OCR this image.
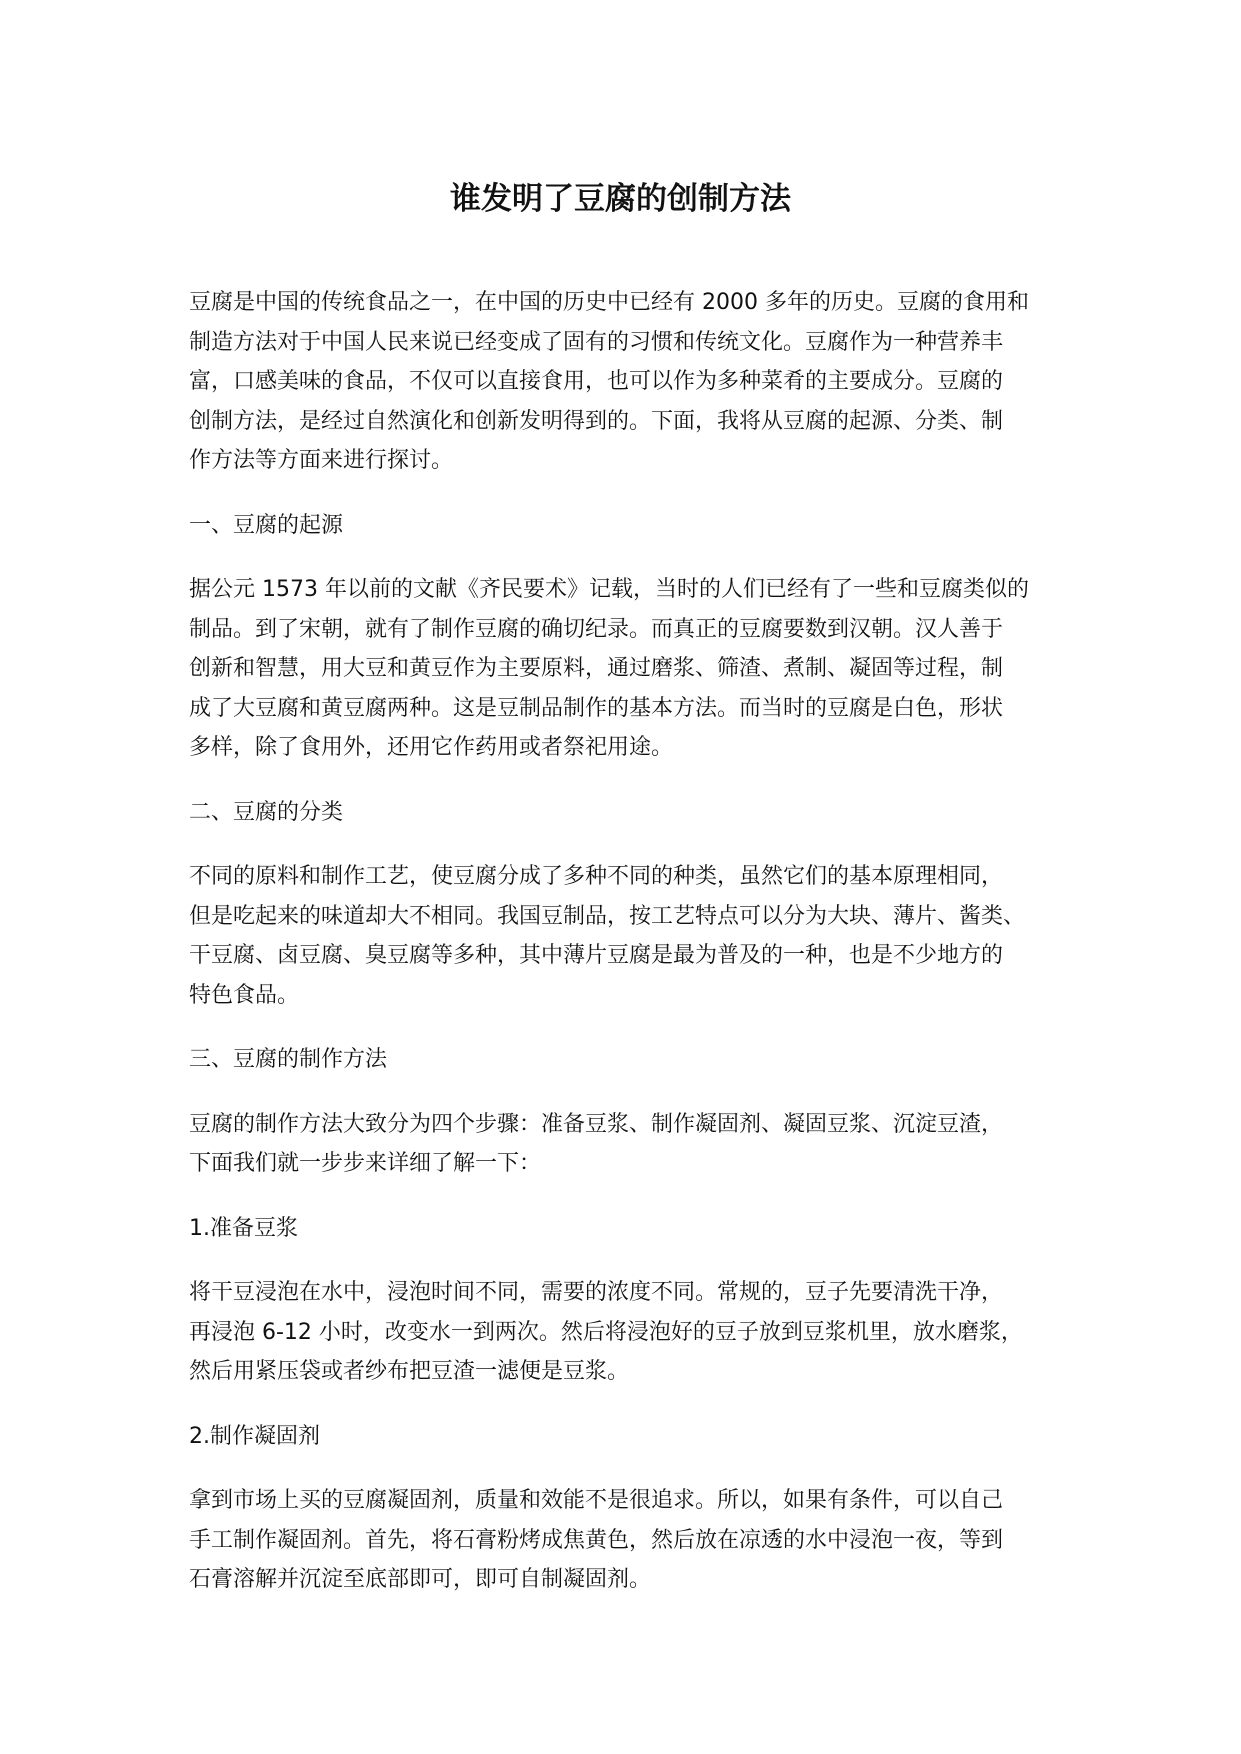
谁发明了豆腐的创制方法
豆腐是中国的传统食品之一，在中国的历史中已经有 2000 多年的历史。豆腐的食用和
制造方法对于中国人民来说已经变成了固有的习惯和传统文化。豆腐作为一种营养丰
富，口感美味的食品，不仅可以直接食用，也可以作为多种菜肴的主要成分。豆腐的
创制方法，是经过自然演化和创新发明得到的。下面，我将从豆腐的起源、分类、制
作方法等方面来进行探讨。
一、豆腐的起源
据公元 1573 年以前的文献《齐民要术》记载，当时的人们已经有了一些和豆腐类似的
制品。到了宋朝，就有了制作豆腐的确切纪录。而真正的豆腐要数到汉朝。汉人善于
创新和智慧，用大豆和黄豆作为主要原料，通过磨浆、筛渣、煮制、凝固等过程，制
成了大豆腐和黄豆腐两种。这是豆制品制作的基本方法。而当时的豆腐是白色，形状
多样，除了食用外，还用它作药用或者祭祀用途。
二、豆腐的分类
不同的原料和制作工艺，使豆腐分成了多种不同的种类，虽然它们的基本原理相同，
但是吃起来的味道却大不相同。我国豆制品，按工艺特点可以分为大块、薄片、酱类、
干豆腐、卤豆腐、臭豆腐等多种，其中薄片豆腐是最为普及的一种，也是不少地方的
特色食品。
三、豆腐的制作方法
豆腐的制作方法大致分为四个步骤：准备豆浆、制作凝固剂、凝固豆浆、沉淀豆渣，
下面我们就一步步来详细了解一下：
1.准备豆浆
将干豆浸泡在水中，浸泡时间不同，需要的浓度不同。常规的，豆子先要清洗干净，
再浸泡 6-12 小时，改变水一到两次。然后将浸泡好的豆子放到豆浆机里，放水磨浆，
然后用紧压袋或者纱布把豆渣一滤便是豆浆。
2.制作凝固剂
拿到市场上买的豆腐凝固剂，质量和效能不是很追求。所以，如果有条件，可以自己
手工制作凝固剂。首先，将石膏粉烤成焦黄色，然后放在凉透的水中浸泡一夜，等到
石膏溶解并沉淀至底部即可，即可自制凝固剂。
